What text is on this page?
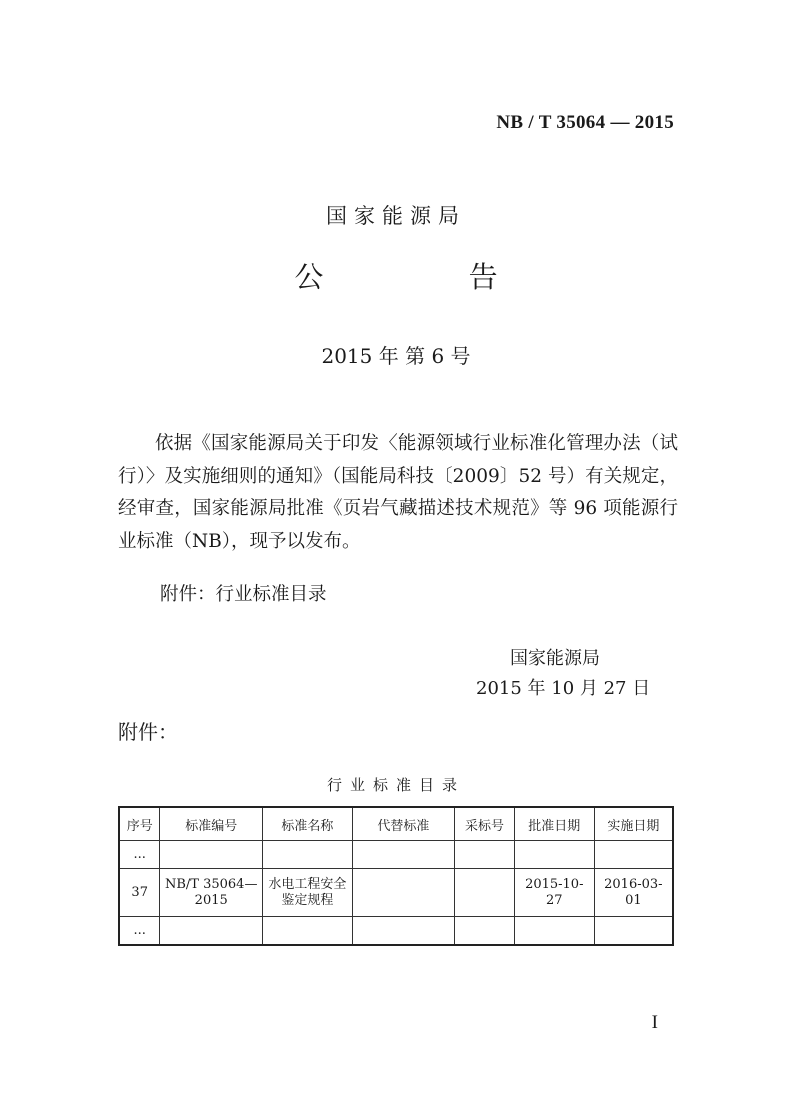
NB / T 35064 — 2015
国家能源局
公 告
2015 年 第 6 号

依据《国家能源局关于印发〈能源领域行业标准化管理办法（试行）〉及实施细则的通知》（国能局科技〔2009〕52 号）有关规定，经审查，国家能源局批准《页岩气藏描述技术规范》等 96 项能源行业标准（NB），现予以发布。

附件：行业标准目录
国家能源局
2015 年 10 月 27 日
附件：
行业标准目录
序号	标准编号	标准名称	代替标准	采标号	批准日期	实施日期
...						
37	NB/T 35064—2015	水电工程安全鉴定规程			2015-10-27	2016-03-01
...						
I
